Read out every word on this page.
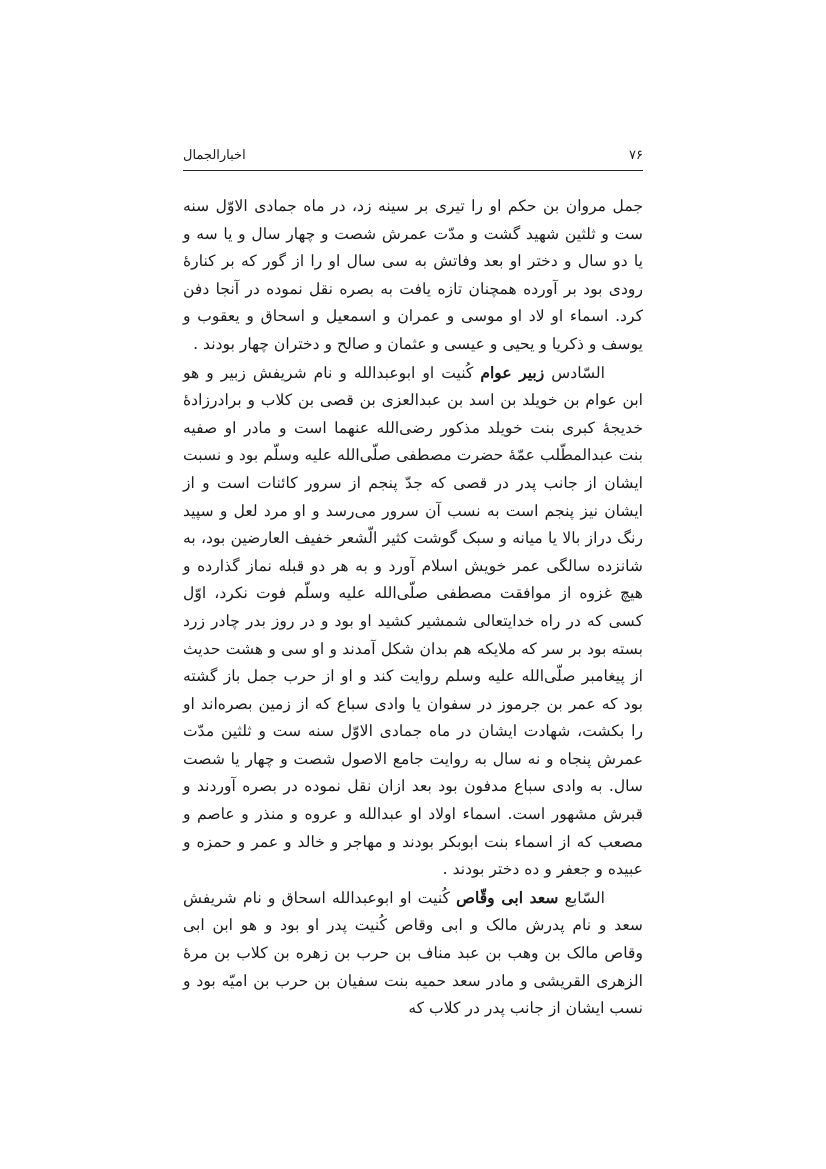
اخبارالجمال	۷۶

جمل مروان بن حکم او را تیری بر سینه زد، در ماه جمادی الاوّل سنه ست و ثلثین شهید گشت و مدّت عمرش شصت و چهار سال و یا سه و یا دو سال و دختر او بعد وفاتش به سی سال او را از گور که بر کنارهٔ رودی بود بر آورده همچنان تازه یافت به بصره نقل نموده در آنجا دفن کرد. اسماء او لاد او موسی و عمران و اسمعیل و اسحاق و یعقوب و یوسف و ذکریا و یحیی و عیسی و عثمان و صالح و دختران چهار بودند .

السّادس زبیر عوام کُنیت او ابوعبدالله و نام شریفش زبیر و هو ابن عوام بن خویلد بن اسد بن عبدالعزی بن قصی بن کلاب و برادرزادهٔ خدیجهٔ کبری بنت خویلد مذکور رضی‌الله عنهما است و مادر او صفیه بنت عبدالمطّلب عمّهٔ حضرت مصطفی صلّی‌الله علیه وسلّم بود و نسبت ایشان از جانب پدر در قصی که جدّ پنجم از سرور کائنات است و از ایشان نیز پنجم است به نسب آن سرور می‌رسد و او مرد لعل و سپید رنگ دراز بالا یا میانه و سبک گوشت کثیر الّشعر خفیف العارضین بود، به شانزده سالگی عمر خویش اسلام آورد و به هر دو قبله نماز گذارده و هیچ غزوه از موافقت مصطفی صلّی‌الله علیه وسلّم فوت نکرد، اوّل کسی که در راه خدایتعالی شمشیر کشید او بود و در روز بدر چادر زرد بسته بود بر سر که ملایکه هم بدان شکل آمدند و او سی و هشت حدیث از پیغامبر صلّی‌الله علیه وسلم روایت کند و او از حرب جمل باز گشته بود که عمر بن جرموز در سفوان یا وادی سباع که از زمین بصره‌اند او را بکشت، شهادت ایشان در ماه جمادی الاوّل سنه ست و ثلثین مدّت عمرش پنجاه و نه سال به روایت جامع الاصول شصت و چهار یا شصت سال. به وادی سباع مدفون بود بعد ازان نقل نموده در بصره آوردند و قبرش مشهور است. اسماء اولاد او عبدالله و عروه و منذر و عاصم و مصعب که از اسماء بنت ابوبکر بودند و مهاجر و خالد و عمر و حمزه و عبیده و جعفر و ده دختر بودند .

السّابع سعد ابی وقّاص کُنیت او ابوعبدالله اسحاق و نام شریفش سعد و نام پدرش مالک و ابی وقاص کُنیت پدر او بود و هو ابن ابی وقاص مالک بن وهب بن عبد مناف بن حرب بن زهره بن کلاب بن مرهٔ الزهری القریشی و مادر سعد حمیه بنت سفیان بن حرب بن امیّه بود و نسب ایشان از جانب پدر در کلاب که
